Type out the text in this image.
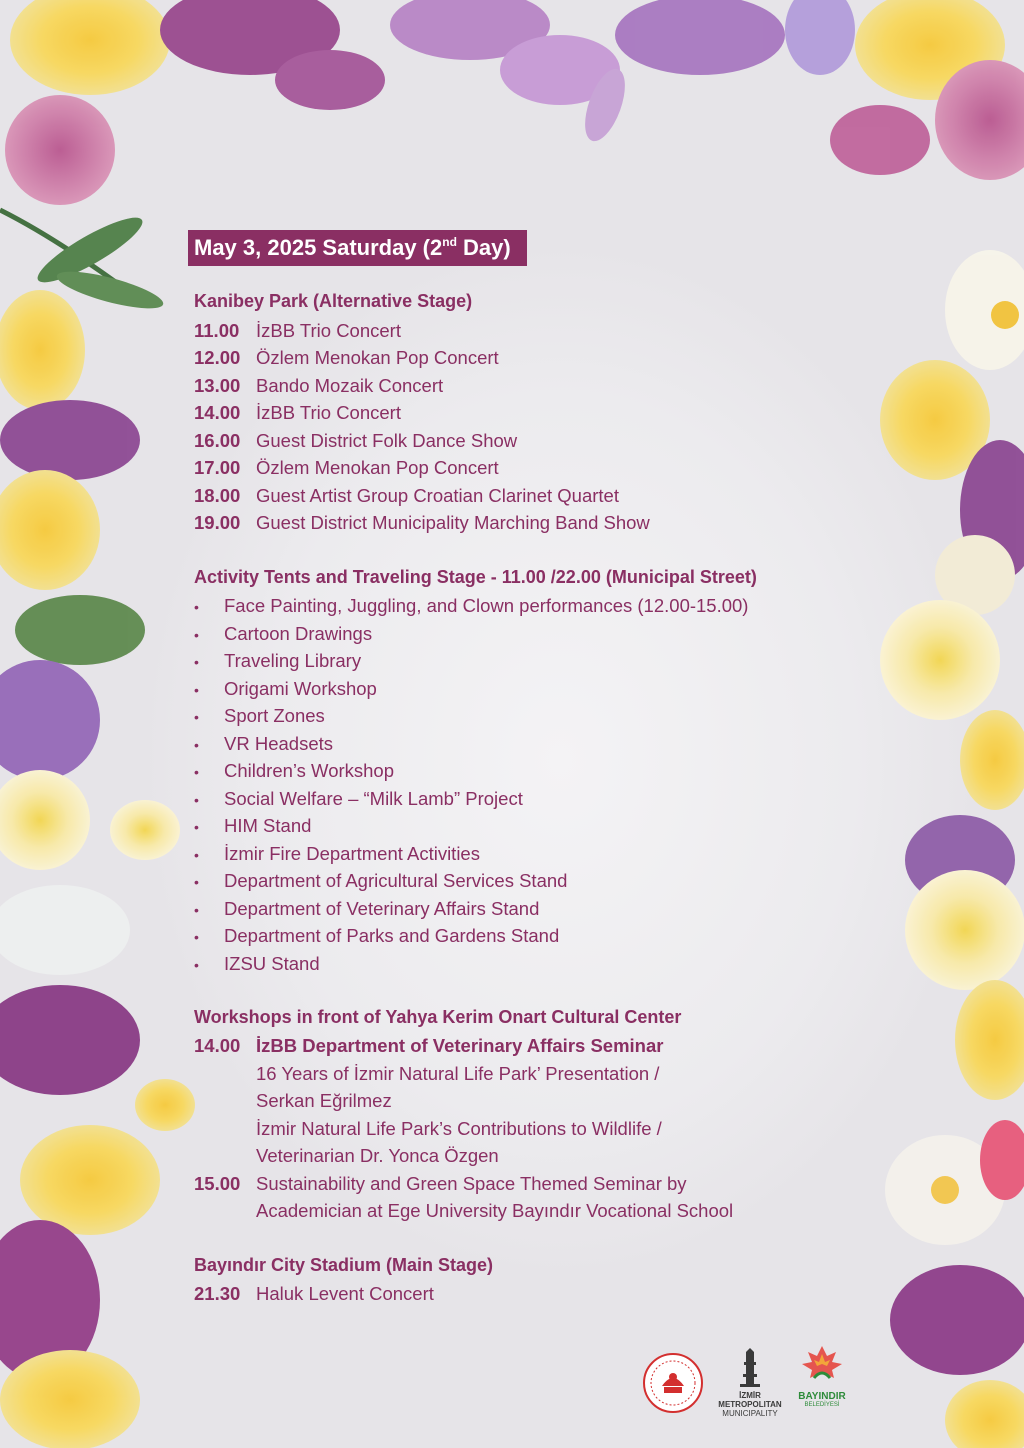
May 3, 2025 Saturday (2nd Day)
Kanibey Park (Alternative Stage)
11.00 İzBB Trio Concert
12.00 Özlem Menokan Pop Concert
13.00 Bando Mozaik Concert
14.00 İzBB Trio Concert
16.00 Guest District Folk Dance Show
17.00 Özlem Menokan Pop Concert
18.00 Guest Artist Group Croatian Clarinet Quartet
19.00 Guest District Municipality Marching Band Show
Activity Tents and Traveling Stage - 11.00 /22.00 (Municipal Street)
• Face Painting, Juggling, and Clown performances (12.00-15.00)
• Cartoon Drawings
• Traveling Library
• Origami Workshop
• Sport Zones
• VR Headsets
• Children’s Workshop
• Social Welfare – “Milk Lamb” Project
• HIM Stand
• İzmir Fire Department Activities
• Department of Agricultural Services Stand
• Department of Veterinary Affairs Stand
• Department of Parks and Gardens Stand
• IZSU Stand
Workshops in front of Yahya Kerim Onart Cultural Center
14.00 İzBB Department of Veterinary Affairs Seminar
16 Years of İzmir Natural Life Park’ Presentation /
Serkan Eğrilmez
İzmir Natural Life Park’s Contributions to Wildlife /
Veterinarian Dr. Yonca Özgen
15.00 Sustainability and Green Space Themed Seminar by
Academician at Ege University Bayındır Vocational School
Bayındır City Stadium (Main Stage)
21.30 Haluk Levent Concert
İZMİR
METROPOLITAN
MUNICIPALITY
BAYINDIR
BELEDİYESİ
